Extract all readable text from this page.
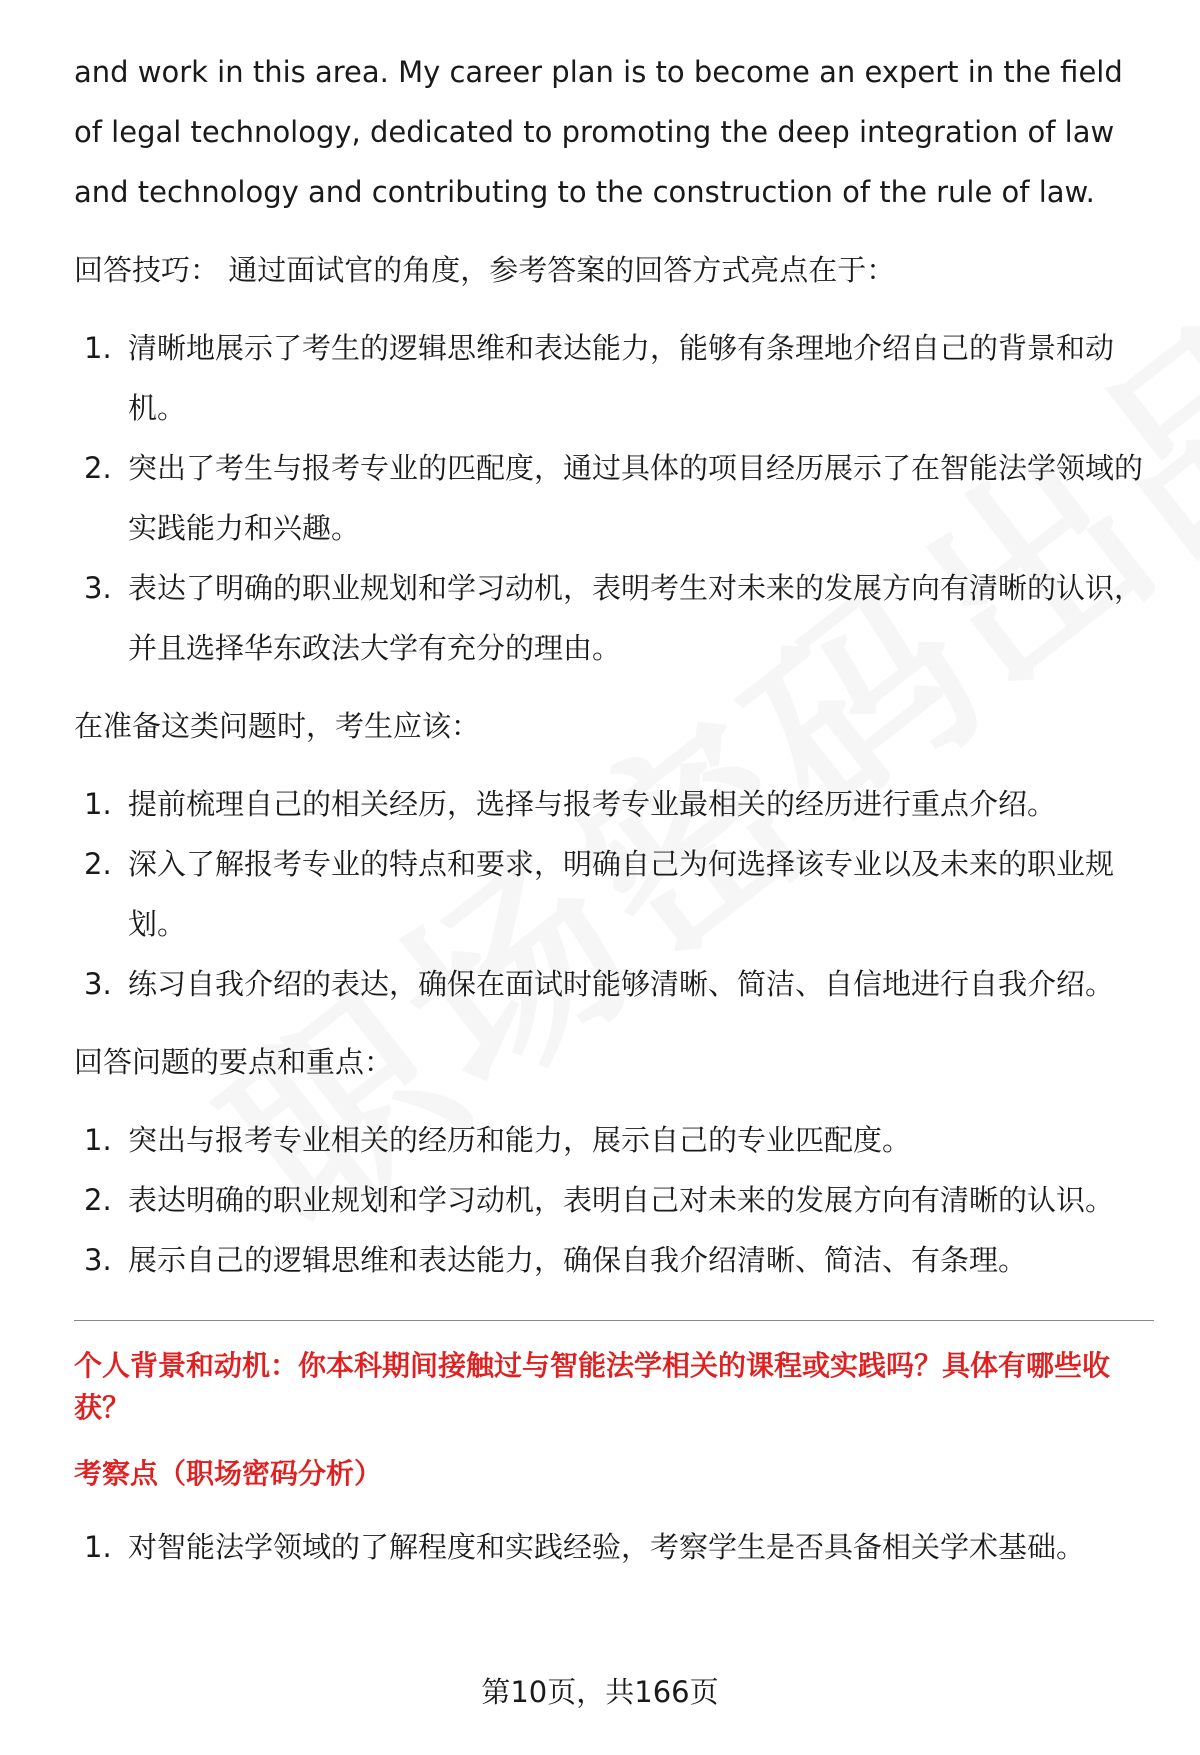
and work in this area. My career plan is to become an expert in the field of legal technology, dedicated to promoting the deep integration of law and technology and contributing to the construction of the rule of law.

回答技巧： 通过面试官的角度，参考答案的回答方式亮点在于：

1. 清晰地展示了考生的逻辑思维和表达能力，能够有条理地介绍自己的背景和动机。
2. 突出了考生与报考专业的匹配度，通过具体的项目经历展示了在智能法学领域的实践能力和兴趣。
3. 表达了明确的职业规划和学习动机，表明考生对未来的发展方向有清晰的认识，并且选择华东政法大学有充分的理由。

在准备这类问题时，考生应该：

1. 提前梳理自己的相关经历，选择与报考专业最相关的经历进行重点介绍。
2. 深入了解报考专业的特点和要求，明确自己为何选择该专业以及未来的职业规划。
3. 练习自我介绍的表达，确保在面试时能够清晰、简洁、自信地进行自我介绍。

回答问题的要点和重点：

1. 突出与报考专业相关的经历和能力，展示自己的专业匹配度。
2. 表达明确的职业规划和学习动机，表明自己对未来的发展方向有清晰的认识。
3. 展示自己的逻辑思维和表达能力，确保自我介绍清晰、简洁、有条理。

个人背景和动机：你本科期间接触过与智能法学相关的课程或实践吗？具体有哪些收获？

考察点（职场密码分析）

1. 对智能法学领域的了解程度和实践经验，考察学生是否具备相关学术基础。
第10页，共166页
